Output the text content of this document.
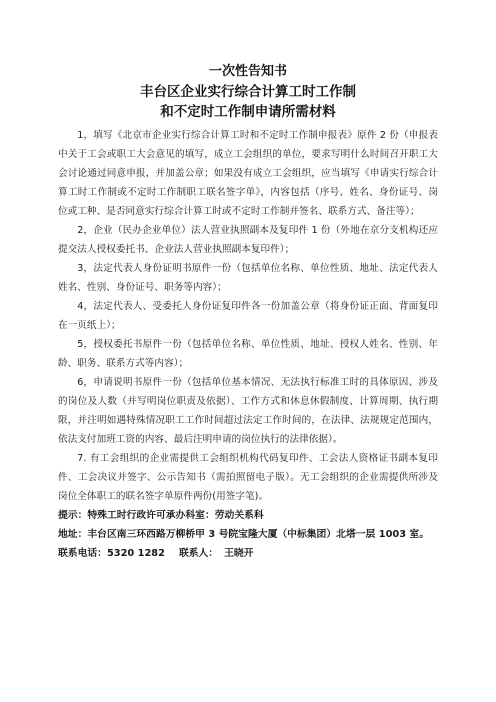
一次性告知书

丰台区企业实行综合计算工时工作制

和不定时工作制申请所需材料

1，填写《北京市企业实行综合计算工时和不定时工作制申报表》原件 2 份（申报表中关于工会或职工大会意见的填写，成立工会组织的单位，要求写明什么时间召开职工大会讨论通过同意申报，并加盖公章；如果没有成立工会组织，应当填写《申请实行综合计算工时工作制或不定时工作制职工联名签字单》，内容包括（序号、姓名、身份证号、岗位或工种、是否同意实行综合计算工时或不定时工作制并签名、联系方式、备注等）；

2，企业（民办企业单位）法人营业执照副本及复印件 1 份（外地在京分支机构还应提交法人授权委托书、企业法人营业执照副本复印件）；

3，法定代表人身份证明书原件一份（包括单位名称、单位性质、地址、法定代表人姓名、性别、身份证号、职务等内容）；

4，法定代表人、受委托人身份证复印件各一份加盖公章（将身份证正面、背面复印在一页纸上）；

5，授权委托书原件一份（包括单位名称、单位性质、地址、授权人姓名、性别、年龄、职务、联系方式等内容）；

6，申请说明书原件一份（包括单位基本情况、无法执行标准工时的具体原因、涉及的岗位及人数（并写明岗位职责及依据）、工作方式和休息休假制度、计算周期、执行期限，并注明如遇特殊情况职工工作时间超过法定工作时间的，在法律、法规规定范围内，依法支付加班工资的内容、最后注明申请的岗位执行的法律依据）。

7. 有工会组织的企业需提供工会组织机构代码复印件、工会法人资格证书副本复印件、工会决议并签字、公示告知书（需拍照留电子版）。无工会组织的企业需提供所涉及岗位全体职工的联名签字单原件两份(用签字笔)。

提示：特殊工时行政许可承办科室：劳动关系科

地址：丰台区南三环西路万柳桥甲 3 号院宝隆大厦（中标集团）北塔一层 1003 室。

联系电话：5320 1282 联系人： 王晓开
